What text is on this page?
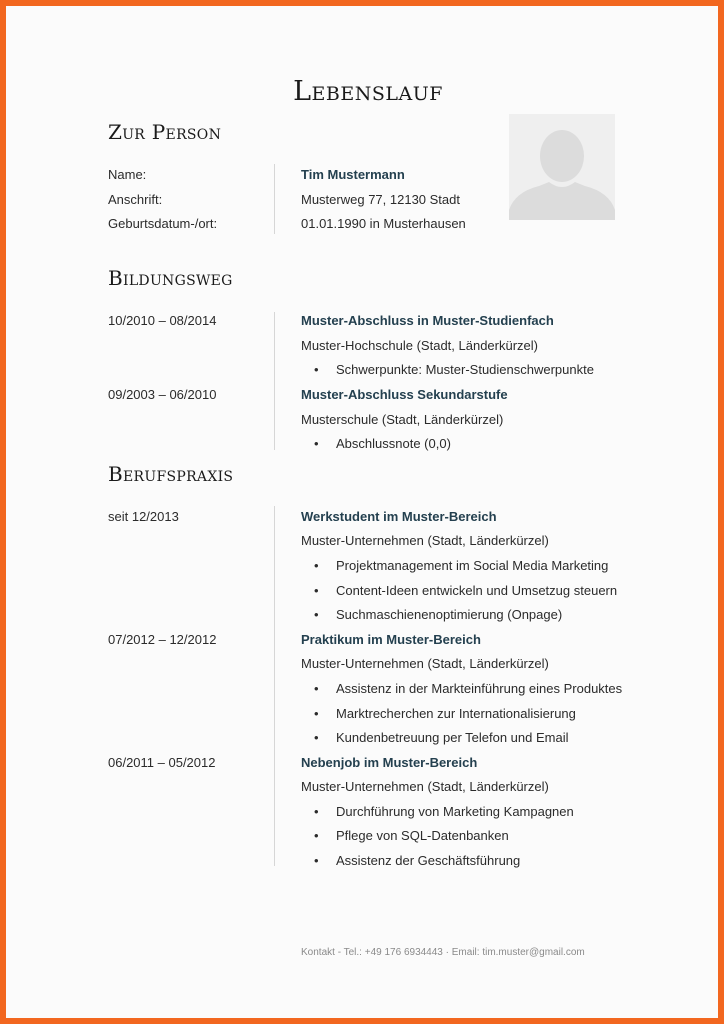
Lebenslauf
Zur Person
Name:	Tim Mustermann
Anschrift:	Musterweg 77, 12130 Stadt
Geburtsdatum-/ort:	01.01.1990 in Musterhausen
Bildungsweg
10/2010 – 08/2014	Muster-Abschluss in Muster-Studienfach
Muster-Hochschule (Stadt, Länderkürzel)
• Schwerpunkte: Muster-Studienschwerpunkte
09/2003 – 06/2010	Muster-Abschluss Sekundarstufe
Musterschule (Stadt, Länderkürzel)
• Abschlussnote (0,0)
Berufspraxis
seit 12/2013	Werkstudent im Muster-Bereich
Muster-Unternehmen (Stadt, Länderkürzel)
• Projektmanagement im Social Media Marketing
• Content-Ideen entwickeln und Umsetzug steuern
• Suchmaschienenoptimierung (Onpage)
07/2012 – 12/2012	Praktikum im Muster-Bereich
Muster-Unternehmen (Stadt, Länderkürzel)
• Assistenz in der Markteinführung eines Produktes
• Marktrecherchen zur Internationalisierung
• Kundenbetreuung per Telefon und Email
06/2011 – 05/2012	Nebenjob im Muster-Bereich
Muster-Unternehmen (Stadt, Länderkürzel)
• Durchführung von Marketing Kampagnen
• Pflege von SQL-Datenbanken
• Assistenz der Geschäftsführung
Kontakt - Tel.: +49 176 6934443 · Email: tim.muster@gmail.com
